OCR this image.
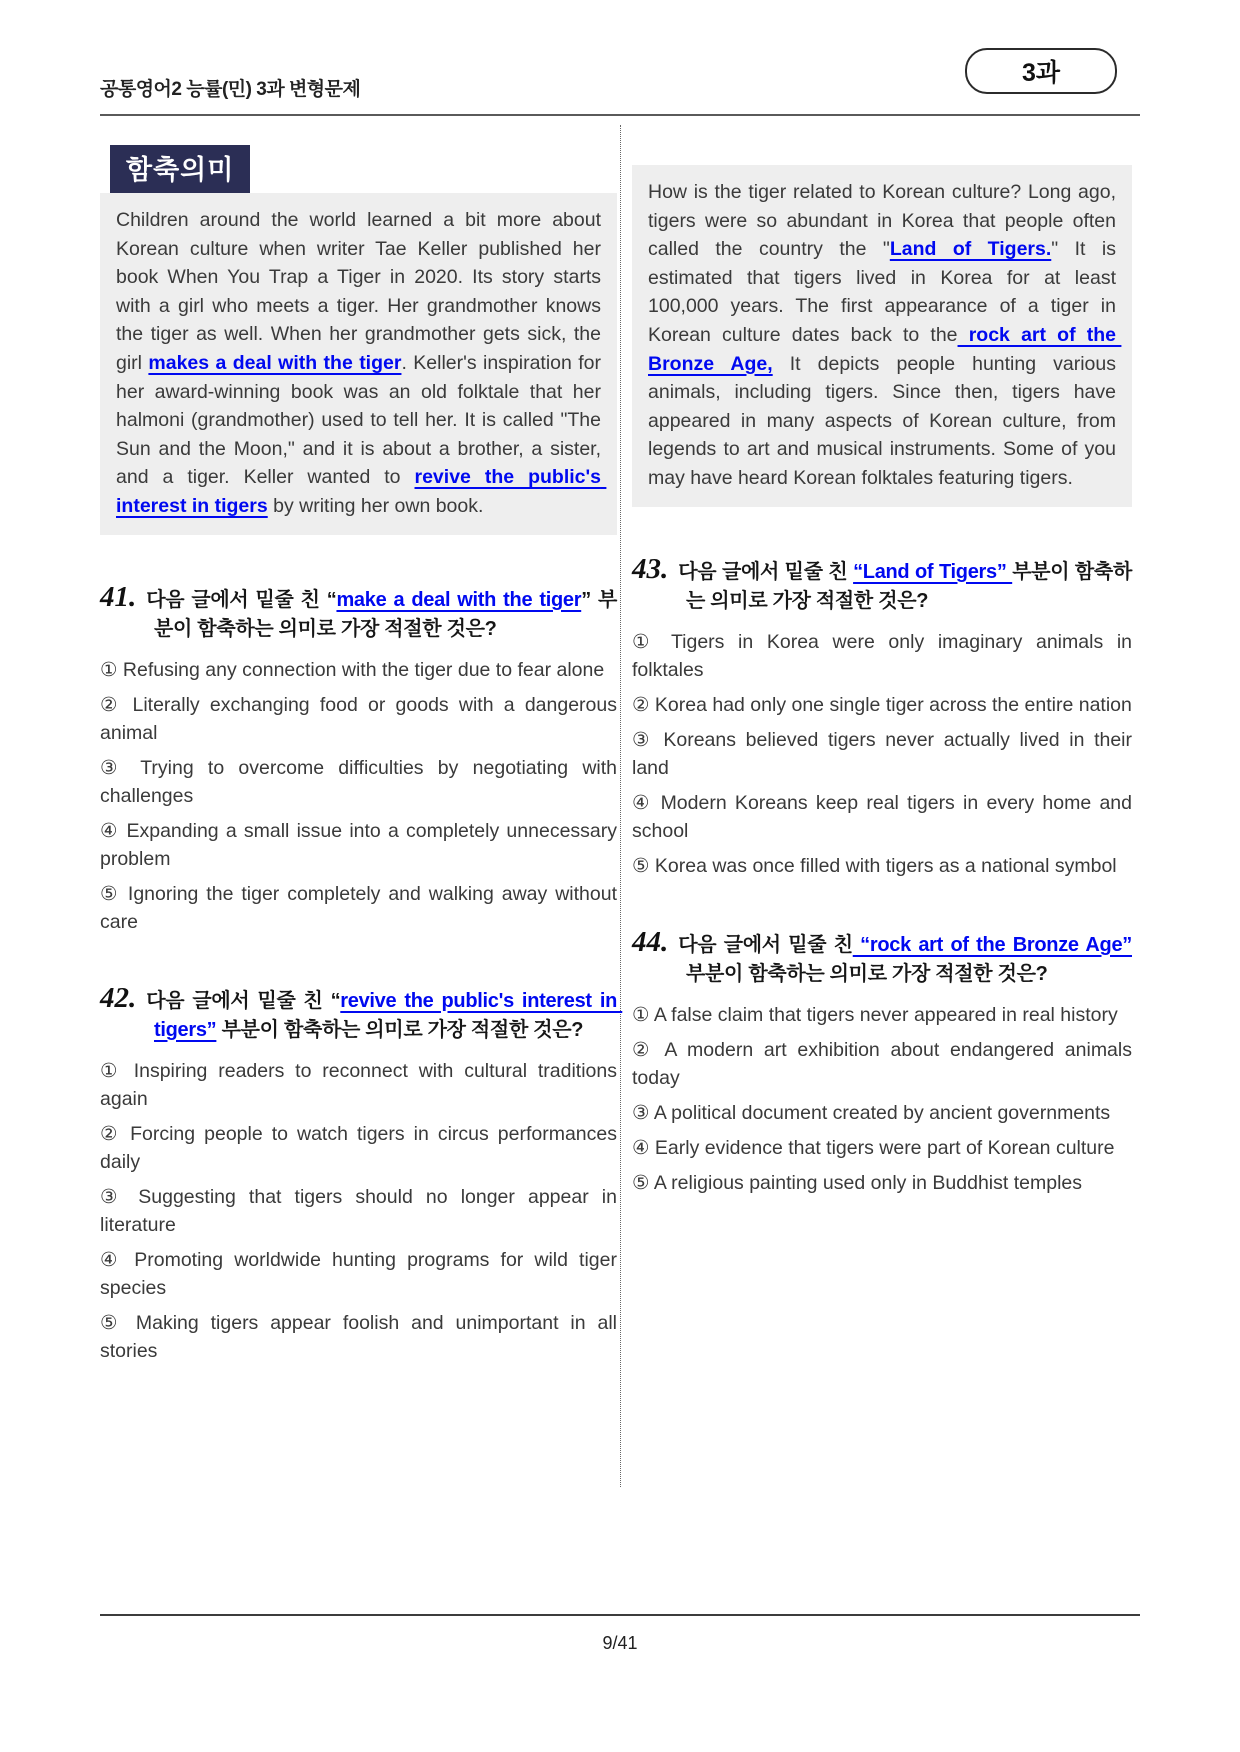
공통영어2 능률(민) 3과 변형문제
3과
함축의미
Children around the world learned a bit more about Korean culture when writer Tae Keller published her book When You Trap a Tiger in 2020. Its story starts with a girl who meets a tiger. Her grandmother knows the tiger as well. When her grandmother gets sick, the girl makes a deal with the tiger. Keller's inspiration for her award-winning book was an old folktale that her halmoni (grandmother) used to tell her. It is called "The Sun and the Moon," and it is about a brother, a sister, and a tiger. Keller wanted to revive the public's interest in tigers by writing her own book.
41. 다음 글에서 밑줄 친 “make a deal with the tiger” 부분이 함축하는 의미로 가장 적절한 것은?

① Refusing any connection with the tiger due to fear alone

② Literally exchanging food or goods with a dangerous animal

③ Trying to overcome difficulties by negotiating with challenges

④ Expanding a small issue into a completely unnecessary problem

⑤ Ignoring the tiger completely and walking away without care

42. 다음 글에서 밑줄 친 “revive the public's interest in tigers” 부분이 함축하는 의미로 가장 적절한 것은?

① Inspiring readers to reconnect with cultural traditions again

② Forcing people to watch tigers in circus performances daily

③ Suggesting that tigers should no longer appear in literature

④ Promoting worldwide hunting programs for wild tiger species

⑤ Making tigers appear foolish and unimportant in all stories

How is the tiger related to Korean culture? Long ago, tigers were so abundant in Korea that people often called the country the "Land of Tigers." It is estimated that tigers lived in Korea for at least 100,000 years. The first appearance of a tiger in Korean culture dates back to the rock art of the Bronze Age, It depicts people hunting various animals, including tigers. Since then, tigers have appeared in many aspects of Korean culture, from legends to art and musical instruments. Some of you may have heard Korean folktales featuring tigers.
43. 다음 글에서 밑줄 친 “Land of Tigers” 부분이 함축하는 의미로 가장 적절한 것은?

① Tigers in Korea were only imaginary animals in folktales

② Korea had only one single tiger across the entire nation

③ Koreans believed tigers never actually lived in their land

④ Modern Koreans keep real tigers in every home and school

⑤ Korea was once filled with tigers as a national symbol

44. 다음 글에서 밑줄 친 “rock art of the Bronze Age” 부분이 함축하는 의미로 가장 적절한 것은?

① A false claim that tigers never appeared in real history

② A modern art exhibition about endangered animals today

③ A political document created by ancient governments

④ Early evidence that tigers were part of Korean culture

⑤ A religious painting used only in Buddhist temples

9/41
